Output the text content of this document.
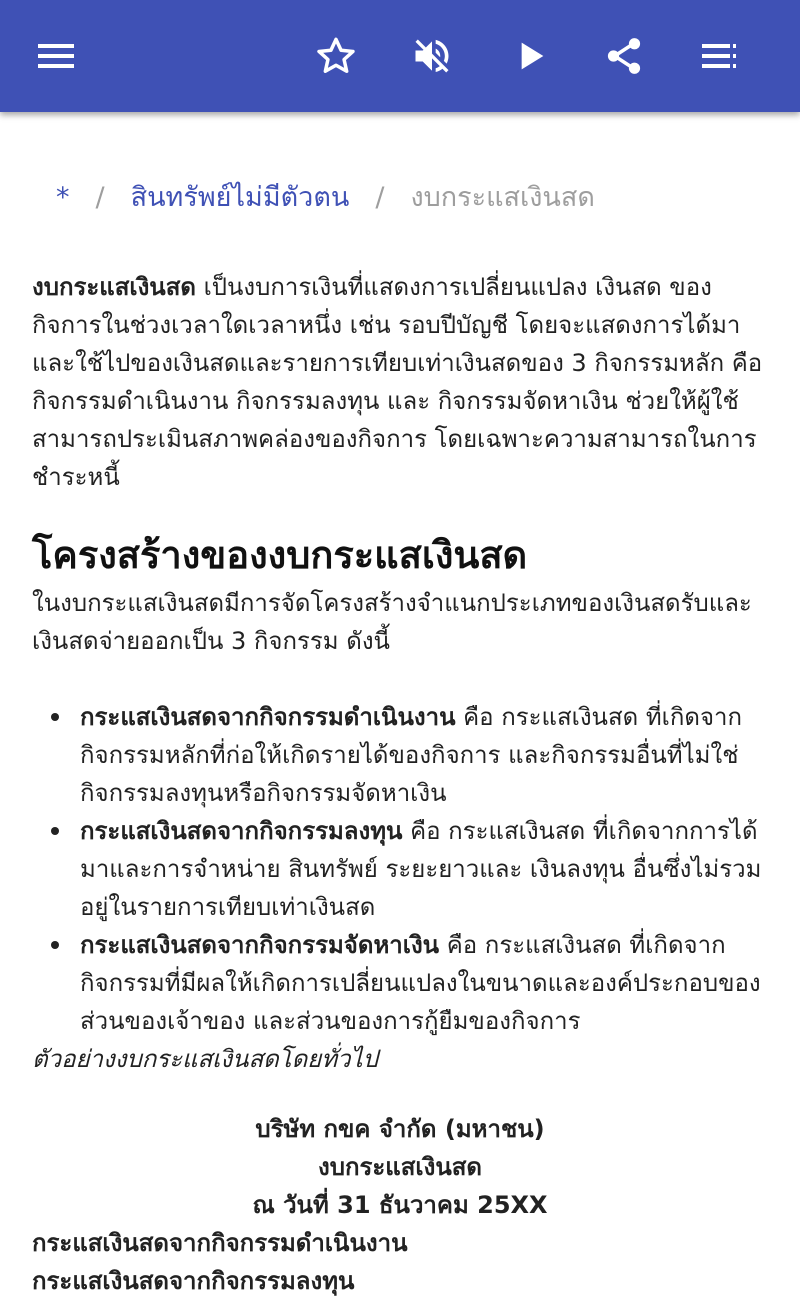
* / สินทรัพย์ไม่มีตัวตน / งบกระแสเงินสด
งบกระแสเงินสด เป็นงบการเงินที่แสดงการเปลี่ยนแปลง เงินสด ของกิจการในช่วงเวลาใดเวลาหนึ่ง เช่น รอบปีบัญชี โดยจะแสดงการได้มาและใช้ไปของเงินสดและรายการเทียบเท่าเงินสดของ 3 กิจกรรมหลัก คือ กิจกรรมดำเนินงาน กิจกรรมลงทุน และ กิจกรรมจัดหาเงิน ช่วยให้ผู้ใช้สามารถประเมินสภาพคล่องของกิจการ โดยเฉพาะความสามารถในการชำระหนี้
โครงสร้างของงบกระแสเงินสด
ในงบกระแสเงินสดมีการจัดโครงสร้างจำแนกประเภทของเงินสดรับและเงินสดจ่ายออกเป็น 3 กิจกรรม ดังนี้
กระแสเงินสดจากกิจกรรมดำเนินงาน คือ กระแสเงินสด ที่เกิดจากกิจกรรมหลักที่ก่อให้เกิดรายได้ของกิจการ และกิจกรรมอื่นที่ไม่ใช่กิจกรรมลงทุนหรือกิจกรรมจัดหาเงิน
กระแสเงินสดจากกิจกรรมลงทุน คือ กระแสเงินสด ที่เกิดจากการได้มาและการจำหน่าย สินทรัพย์ ระยะยาวและ เงินลงทุน อื่นซึ่งไม่รวมอยู่ในรายการเทียบเท่าเงินสด
กระแสเงินสดจากกิจกรรมจัดหาเงิน คือ กระแสเงินสด ที่เกิดจากกิจกรรมที่มีผลให้เกิดการเปลี่ยนแปลงในขนาดและองค์ประกอบของ ส่วนของเจ้าของ และส่วนของการกู้ยืมของกิจการ
ตัวอย่างงบกระแสเงินสดโดยทั่วไป
บริษัท กขค จำกัด (มหาชน)
งบกระแสเงินสด
ณ วันที่ 31 ธันวาคม 25XX
กระแสเงินสดจากกิจกรรมดำเนินงาน
กระแสเงินสดจากกิจกรรมลงทุน
